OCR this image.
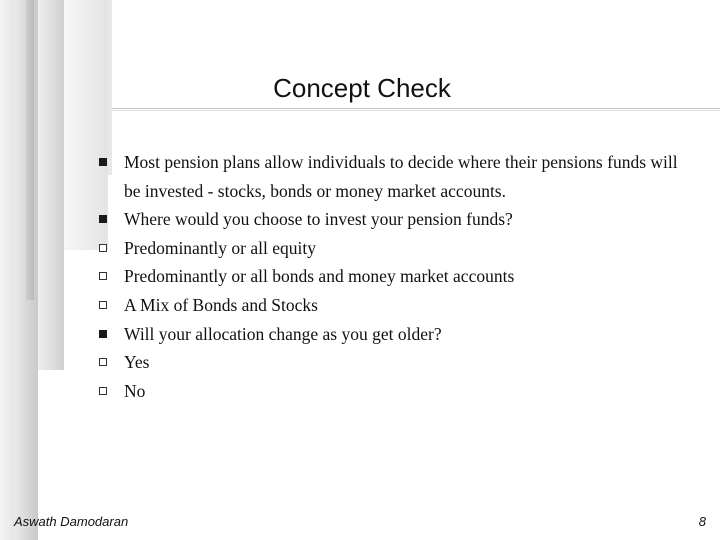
Concept Check
Most pension plans allow individuals to decide where their pensions funds will be invested - stocks, bonds or money market accounts.
Where would you choose to invest your pension funds?
Predominantly or all equity
Predominantly or all bonds and money market accounts
A Mix of Bonds and Stocks
Will your allocation change as you get older?
Yes
No
Aswath Damodaran	8
